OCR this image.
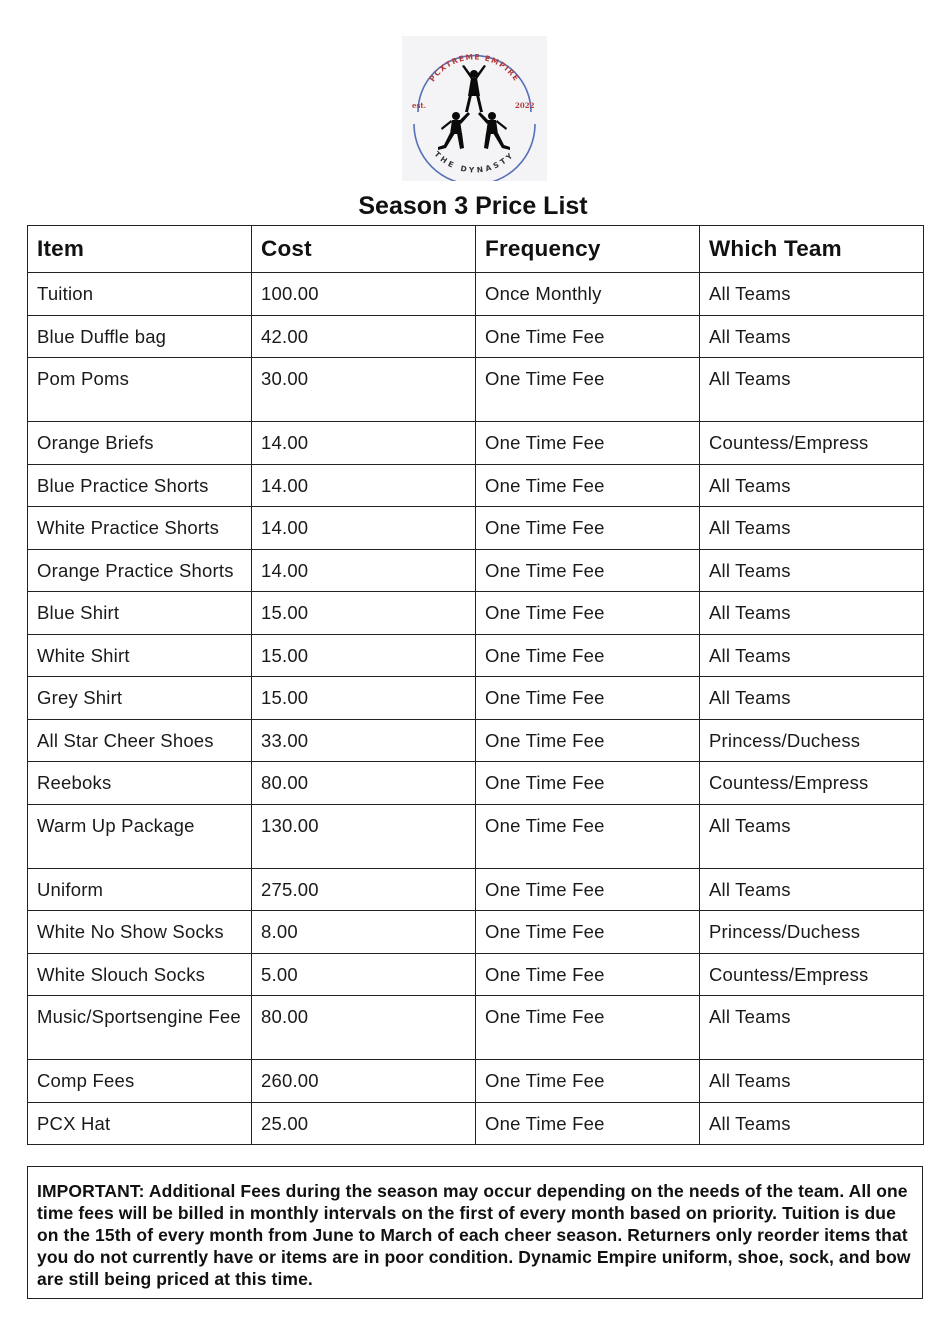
PCXTREME EMPIRE
THE DYNASTY
est.	2022
Season 3 Price List
Item	Cost	Frequency	Which Team
Tuition	100.00	Once Monthly	All Teams
Blue Duffle bag	42.00	One Time Fee	All Teams
Pom Poms	30.00	One Time Fee	All Teams
Orange Briefs	14.00	One Time Fee	Countess/Empress
Blue Practice Shorts	14.00	One Time Fee	All Teams
White Practice Shorts	14.00	One Time Fee	All Teams
Orange Practice Shorts	14.00	One Time Fee	All Teams
Blue Shirt	15.00	One Time Fee	All Teams
White Shirt	15.00	One Time Fee	All Teams
Grey Shirt	15.00	One Time Fee	All Teams
All Star Cheer Shoes	33.00	One Time Fee	Princess/Duchess
Reeboks	80.00	One Time Fee	Countess/Empress
Warm Up Package	130.00	One Time Fee	All Teams
Uniform	275.00	One Time Fee	All Teams
White No Show Socks	8.00	One Time Fee	Princess/Duchess
White Slouch Socks	5.00	One Time Fee	Countess/Empress
Music/Sportsengine Fee	80.00	One Time Fee	All Teams
Comp Fees	260.00	One Time Fee	All Teams
PCX Hat	25.00	One Time Fee	All Teams
IMPORTANT: Additional Fees during the season may occur depending on the needs of the team. All one time fees will be billed in monthly intervals on the first of every month based on priority. Tuition is due on the 15th of every month from June to March of each cheer season. Returners only reorder items that you do not currently have or items are in poor condition. Dynamic Empire uniform, shoe, sock, and bow are still being priced at this time.
